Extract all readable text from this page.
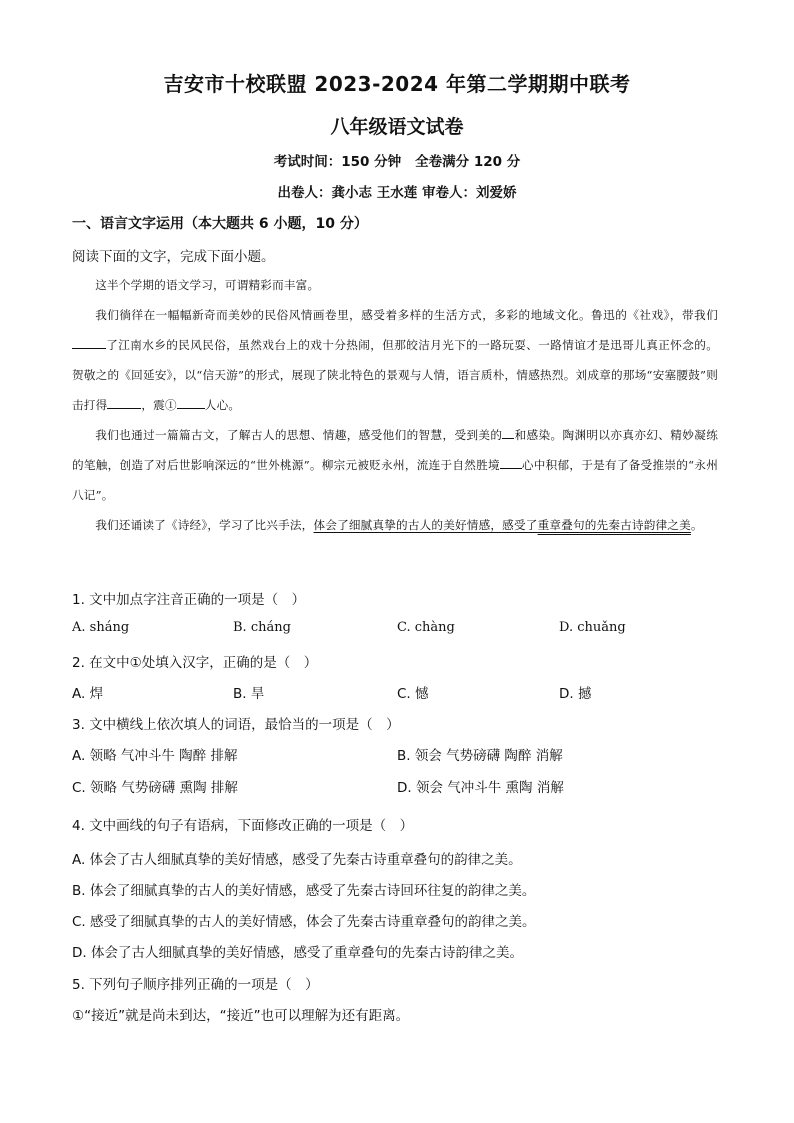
吉安市十校联盟 2023-2024 年第二学期期中联考
八年级语文试卷
考试时间：150 分钟 全卷满分 120 分
出卷人：龚小志 王水莲 审卷人：刘爱娇
一、语言文字运用（本大题共 6 小题，10 分）
阅读下面的文字，完成下面小题。

这半个学期的语文学习，可谓精彩而丰富。

我们徜徉在一幅幅新奇而美妙的民俗风情画卷里，感受着多样的生活方式，多彩的地域文化。鲁迅的《社戏》，带我们了江南水乡的民风民俗，虽然戏台上的戏十分热闹，但那皎洁月光下的一路玩耍、一路情谊才是迅哥儿真正怀念的。贺敬之的《回延安》，以“信天游”的形式，展现了陕北特色的景观与人情，语言质朴，情感热烈。刘成章的那场“安塞腰鼓”则击打得	，震① 人心。

我们也通过一篇篇古文，了解古人的思想、情趣，感受他们的智慧，受到美的 和感染。陶渊明以亦真亦幻、精妙凝练的笔触，创造了对后世影响深远的“世外桃源”。柳宗元被贬永州，流连于自然胜境 心中积郁，于是有了备受推崇的“永州八记”。

我们还诵读了《诗经》，学习了比兴手法，体会了细腻真挚的古人的美好情感，感受了重章叠句的先秦古诗韵律之美。

1. 文中加点字注音正确的一项是（　）
A. sháng	B. cháng	C. chàng	D. chuǎng
2. 在文中①处填入汉字，正确的是（　）
A. 焊	B. 旱	C. 憾	D. 撼
3. 文中横线上依次填人的词语，最恰当的一项是（　）
A. 领略 气冲斗牛 陶醉 排解	B. 领会 气势磅礴 陶醉 消解
C. 领略 气势磅礴 熏陶 排解	D. 领会 气冲斗牛 熏陶 消解
4. 文中画线的句子有语病，下面修改正确的一项是（　）
A. 体会了古人细腻真挚的美好情感，感受了先秦古诗重章叠句的韵律之美。
B. 体会了细腻真挚的古人的美好情感，感受了先秦古诗回环往复的韵律之美。
C. 感受了细腻真挚的古人的美好情感，体会了先秦古诗重章叠句的韵律之美。
D. 体会了古人细腻真挚的美好情感，感受了重章叠句的先秦古诗韵律之美。
5. 下列句子顺序排列正确的一项是（　）
①“接近”就是尚未到达，“接近”也可以理解为还有距离。
